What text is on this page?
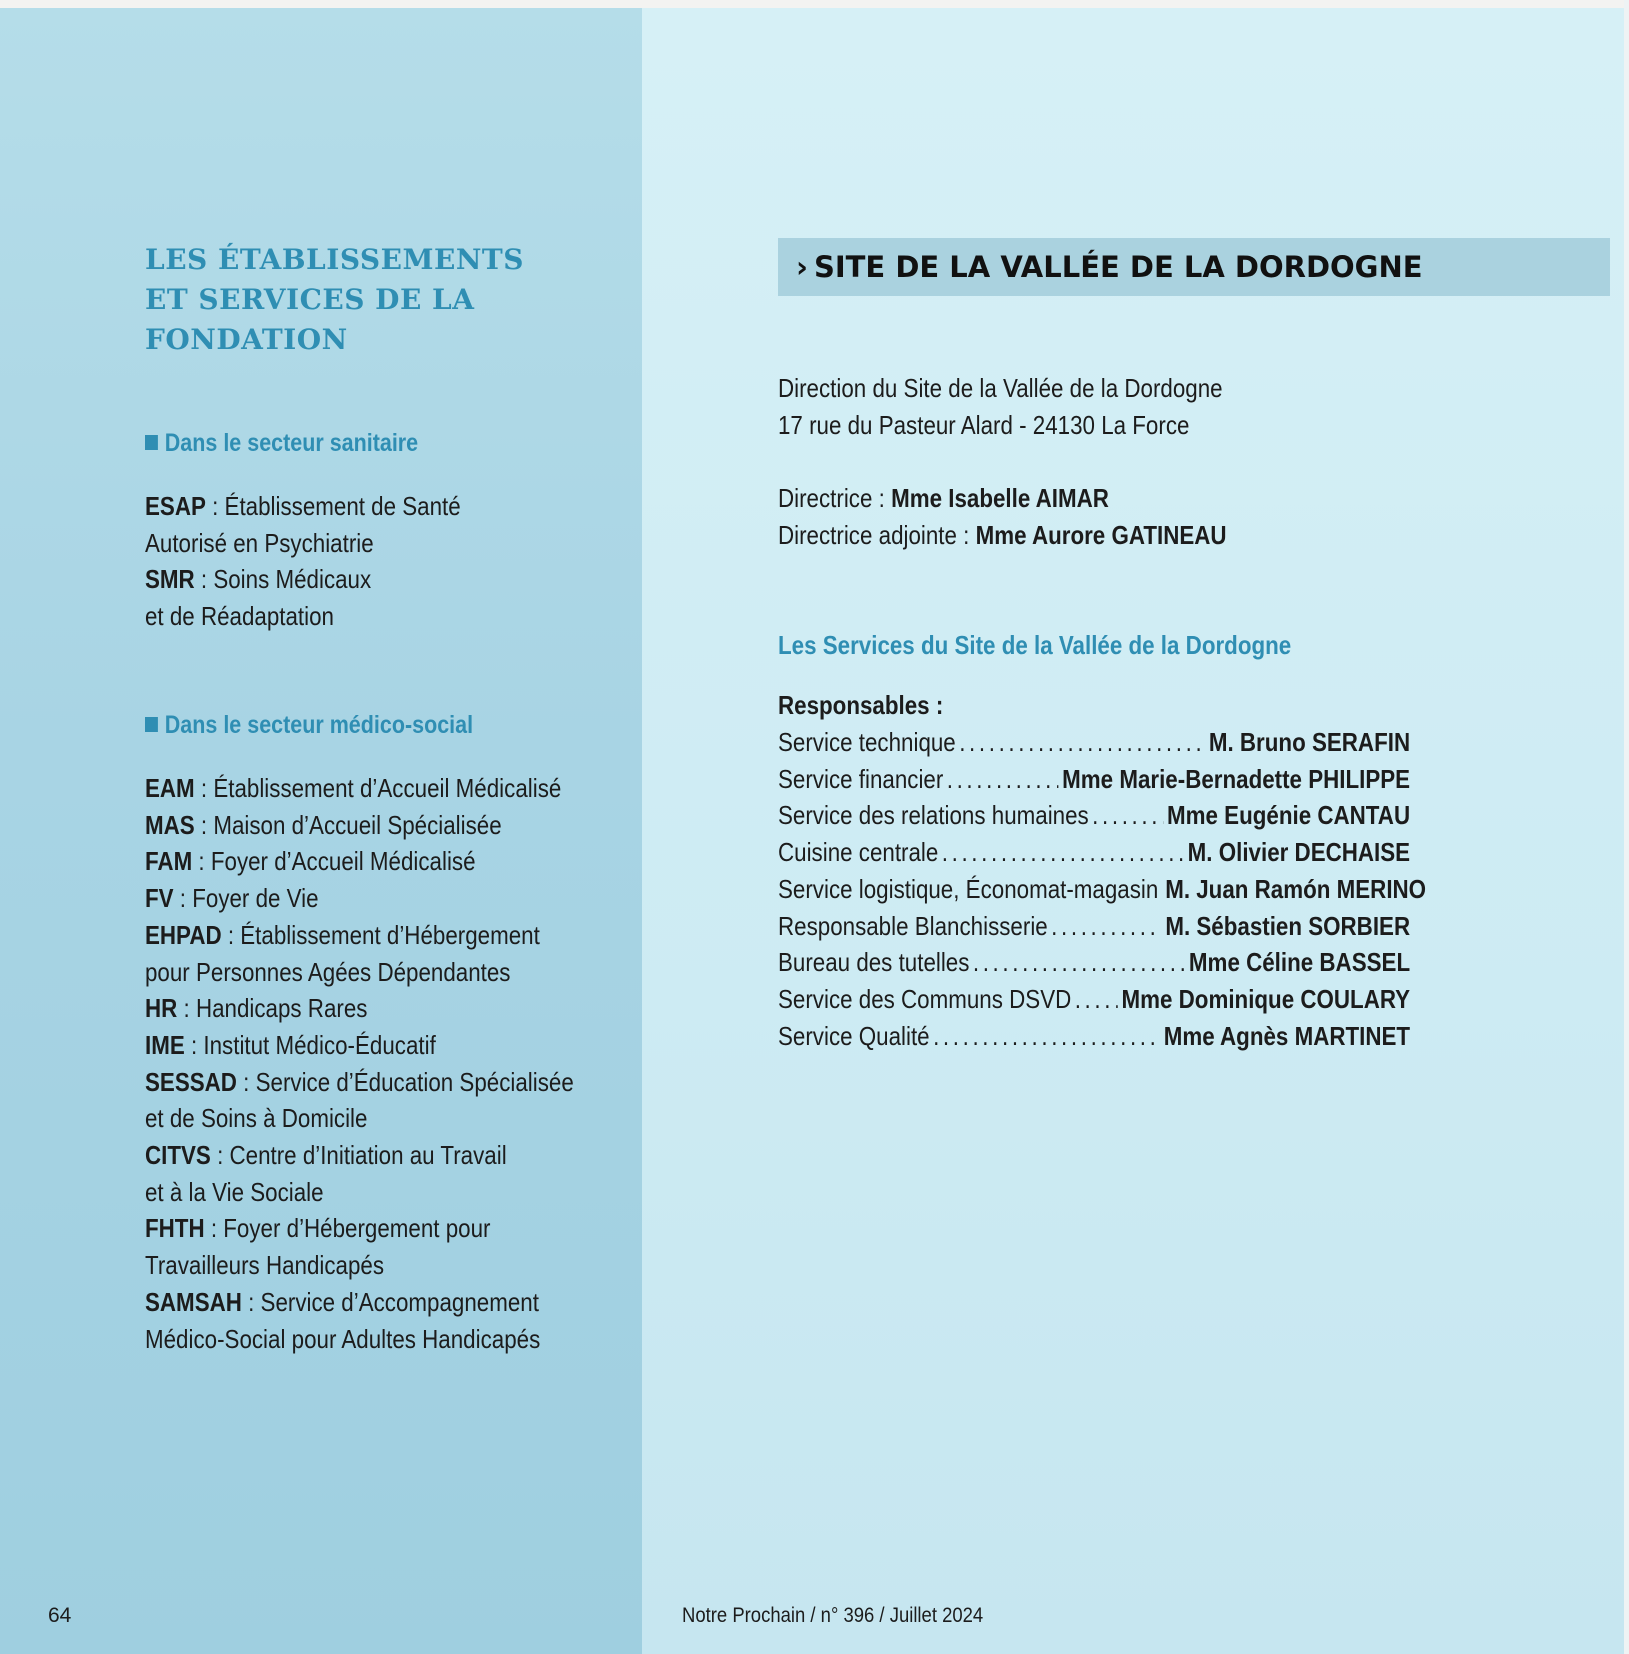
LES ÉTABLISSEMENTS ET SERVICES DE LA FONDATION
Dans le secteur sanitaire
ESAP : Établissement de Santé
Autorisé en Psychiatrie
SMR : Soins Médicaux
et de Réadaptation
Dans le secteur médico-social
EAM : Établissement d’Accueil Médicalisé
MAS : Maison d’Accueil Spécialisée
FAM : Foyer d’Accueil Médicalisé
FV : Foyer de Vie
EHPAD : Établissement d’Hébergement
pour Personnes Agées Dépendantes
HR : Handicaps Rares
IME : Institut Médico-Éducatif
SESSAD : Service d’Éducation Spécialisée
et de Soins à Domicile
CITVS : Centre d’Initiation au Travail
et à la Vie Sociale
FHTH : Foyer d’Hébergement pour
Travailleurs Handicapés
SAMSAH : Service d’Accompagnement
Médico-Social pour Adultes Handicapés
› SITE DE LA VALLÉE DE LA DORDOGNE
Direction du Site de la Vallée de la Dordogne
17 rue du Pasteur Alard - 24130 La Force
Directrice : Mme Isabelle AIMAR
Directrice adjointe : Mme Aurore GATINEAU
Les Services du Site de la Vallée de la Dordogne

Responsables :

Service technique . . .	M. Bruno SERAFIN
Service financier . . .	Mme Marie-Bernadette PHILIPPE
Service des relations humaines . . .	Mme Eugénie CANTAU
Cuisine centrale . . .	M. Olivier DECHAISE
Service logistique, Économat-magasin M. Juan Ramón MERINO
Responsable Blanchisserie . . .	M. Sébastien SORBIER
Bureau des tutelles . . .	Mme Céline BASSEL
Service des Communs DSVD . . . Mme Dominique COULARY
Service Qualité . . .	Mme Agnès MARTINET

64	Notre Prochain / n° 396 / Juillet 2024
